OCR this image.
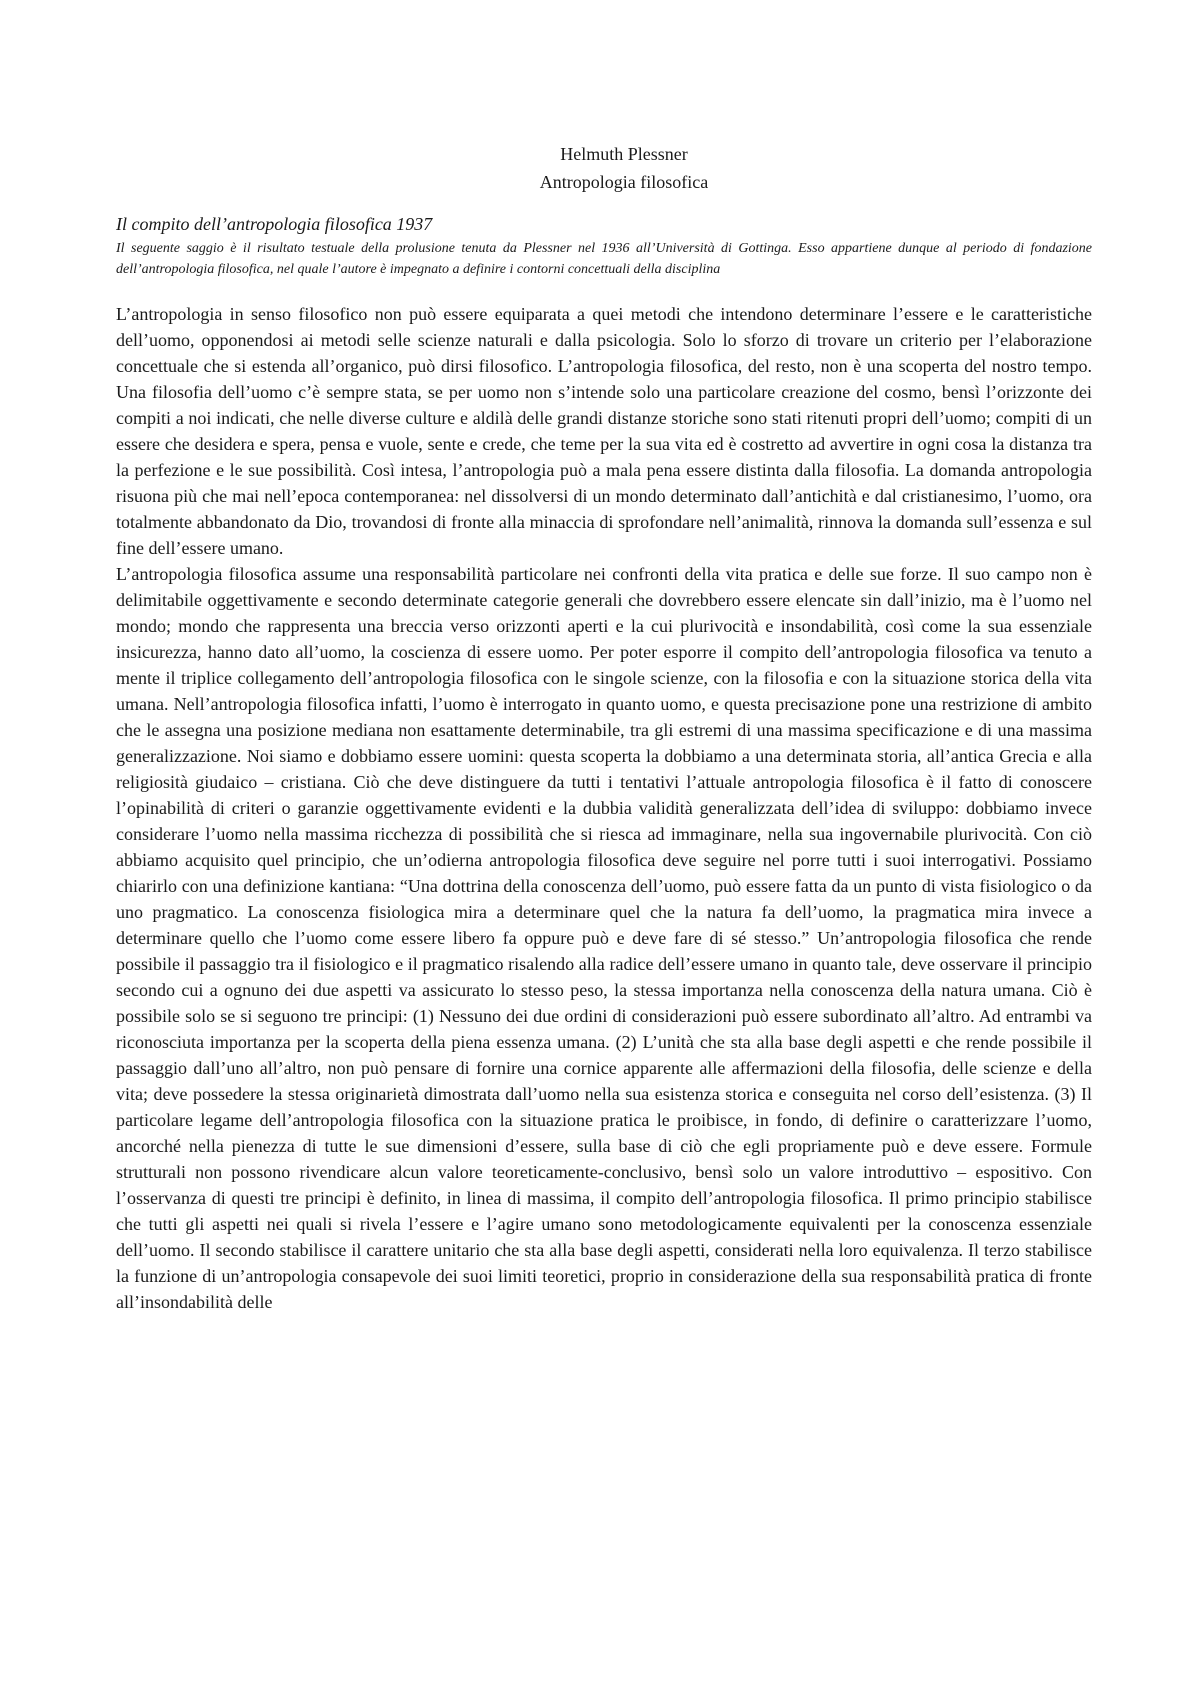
Helmuth Plessner
Antropologia filosofica
Il compito dell’antropologia filosofica 1937
Il seguente saggio è il risultato testuale della prolusione tenuta da Plessner nel 1936 all’Università di Gottinga. Esso appartiene dunque al periodo di fondazione dell’antropologia filosofica, nel quale l’autore è impegnato a definire i contorni concettuali della disciplina

L’antropologia in senso filosofico non può essere equiparata a quei metodi che intendono determinare l’essere e le caratteristiche dell’uomo, opponendosi ai metodi selle scienze naturali e dalla psicologia. Solo lo sforzo di trovare un criterio per l’elaborazione concettuale che si estenda all’organico, può dirsi filosofico. L’antropologia filosofica, del resto, non è una scoperta del nostro tempo. Una filosofia dell’uomo c’è sempre stata, se per uomo non s’intende solo una particolare creazione del cosmo, bensì l’orizzonte dei compiti a noi indicati, che nelle diverse culture e aldilà delle grandi distanze storiche sono stati ritenuti propri dell’uomo; compiti di un essere che desidera e spera, pensa e vuole, sente e crede, che teme per la sua vita ed è costretto ad avvertire in ogni cosa la distanza tra la perfezione e le sue possibilità. Così intesa, l’antropologia può a mala pena essere distinta dalla filosofia. La domanda antropologia risuona più che mai nell’epoca contemporanea: nel dissolversi di un mondo determinato dall’antichità e dal cristianesimo, l’uomo, ora totalmente abbandonato da Dio, trovandosi di fronte alla minaccia di sprofondare nell’animalità, rinnova la domanda sull’essenza e sul fine dell’essere umano.

L’antropologia filosofica assume una responsabilità particolare nei confronti della vita pratica e delle sue forze. Il suo campo non è delimitabile oggettivamente e secondo determinate categorie generali che dovrebbero essere elencate sin dall’inizio, ma è l’uomo nel mondo; mondo che rappresenta una breccia verso orizzonti aperti e la cui plurivocità e insondabilità, così come la sua essenziale insicurezza, hanno dato all’uomo, la coscienza di essere uomo. Per poter esporre il compito dell’antropologia filosofica va tenuto a mente il triplice collegamento dell’antropologia filosofica con le singole scienze, con la filosofia e con la situazione storica della vita umana. Nell’antropologia filosofica infatti, l’uomo è interrogato in quanto uomo, e questa precisazione pone una restrizione di ambito che le assegna una posizione mediana non esattamente determinabile, tra gli estremi di una massima specificazione e di una massima generalizzazione. Noi siamo e dobbiamo essere uomini: questa scoperta la dobbiamo a una determinata storia, all’antica Grecia e alla religiosità giudaico – cristiana. Ciò che deve distinguere da tutti i tentativi l’attuale antropologia filosofica è il fatto di conoscere l’opinabilità di criteri o garanzie oggettivamente evidenti e la dubbia validità generalizzata dell’idea di sviluppo: dobbiamo invece considerare l’uomo nella massima ricchezza di possibilità che si riesca ad immaginare, nella sua ingovernabile plurivocità. Con ciò abbiamo acquisito quel principio, che un’odierna antropologia filosofica deve seguire nel porre tutti i suoi interrogativi. Possiamo chiarirlo con una definizione kantiana: “Una dottrina della conoscenza dell’uomo, può essere fatta da un punto di vista fisiologico o da uno pragmatico. La conoscenza fisiologica mira a determinare quel che la natura fa dell’uomo, la pragmatica mira invece a determinare quello che l’uomo come essere libero fa oppure può e deve fare di sé stesso.” Un’antropologia filosofica che rende possibile il passaggio tra il fisiologico e il pragmatico risalendo alla radice dell’essere umano in quanto tale, deve osservare il principio secondo cui a ognuno dei due aspetti va assicurato lo stesso peso, la stessa importanza nella conoscenza della natura umana. Ciò è possibile solo se si seguono tre principi: (1) Nessuno dei due ordini di considerazioni può essere subordinato all’altro. Ad entrambi va riconosciuta importanza per la scoperta della piena essenza umana. (2) L’unità che sta alla base degli aspetti e che rende possibile il passaggio dall’uno all’altro, non può pensare di fornire una cornice apparente alle affermazioni della filosofia, delle scienze e della vita; deve possedere la stessa originarietà dimostrata dall’uomo nella sua esistenza storica e conseguita nel corso dell’esistenza. (3) Il particolare legame dell’antropologia filosofica con la situazione pratica le proibisce, in fondo, di definire o caratterizzare l’uomo, ancorché nella pienezza di tutte le sue dimensioni d’essere, sulla base di ciò che egli propriamente può e deve essere. Formule strutturali non possono rivendicare alcun valore teoreticamente-conclusivo, bensì solo un valore introduttivo – espositivo. Con l’osservanza di questi tre principi è definito, in linea di massima, il compito dell’antropologia filosofica. Il primo principio stabilisce che tutti gli aspetti nei quali si rivela l’essere e l’agire umano sono metodologicamente equivalenti per la conoscenza essenziale dell’uomo. Il secondo stabilisce il carattere unitario che sta alla base degli aspetti, considerati nella loro equivalenza. Il terzo stabilisce la funzione di un’antropologia consapevole dei suoi limiti teoretici, proprio in considerazione della sua responsabilità pratica di fronte all’insondabilità delle
